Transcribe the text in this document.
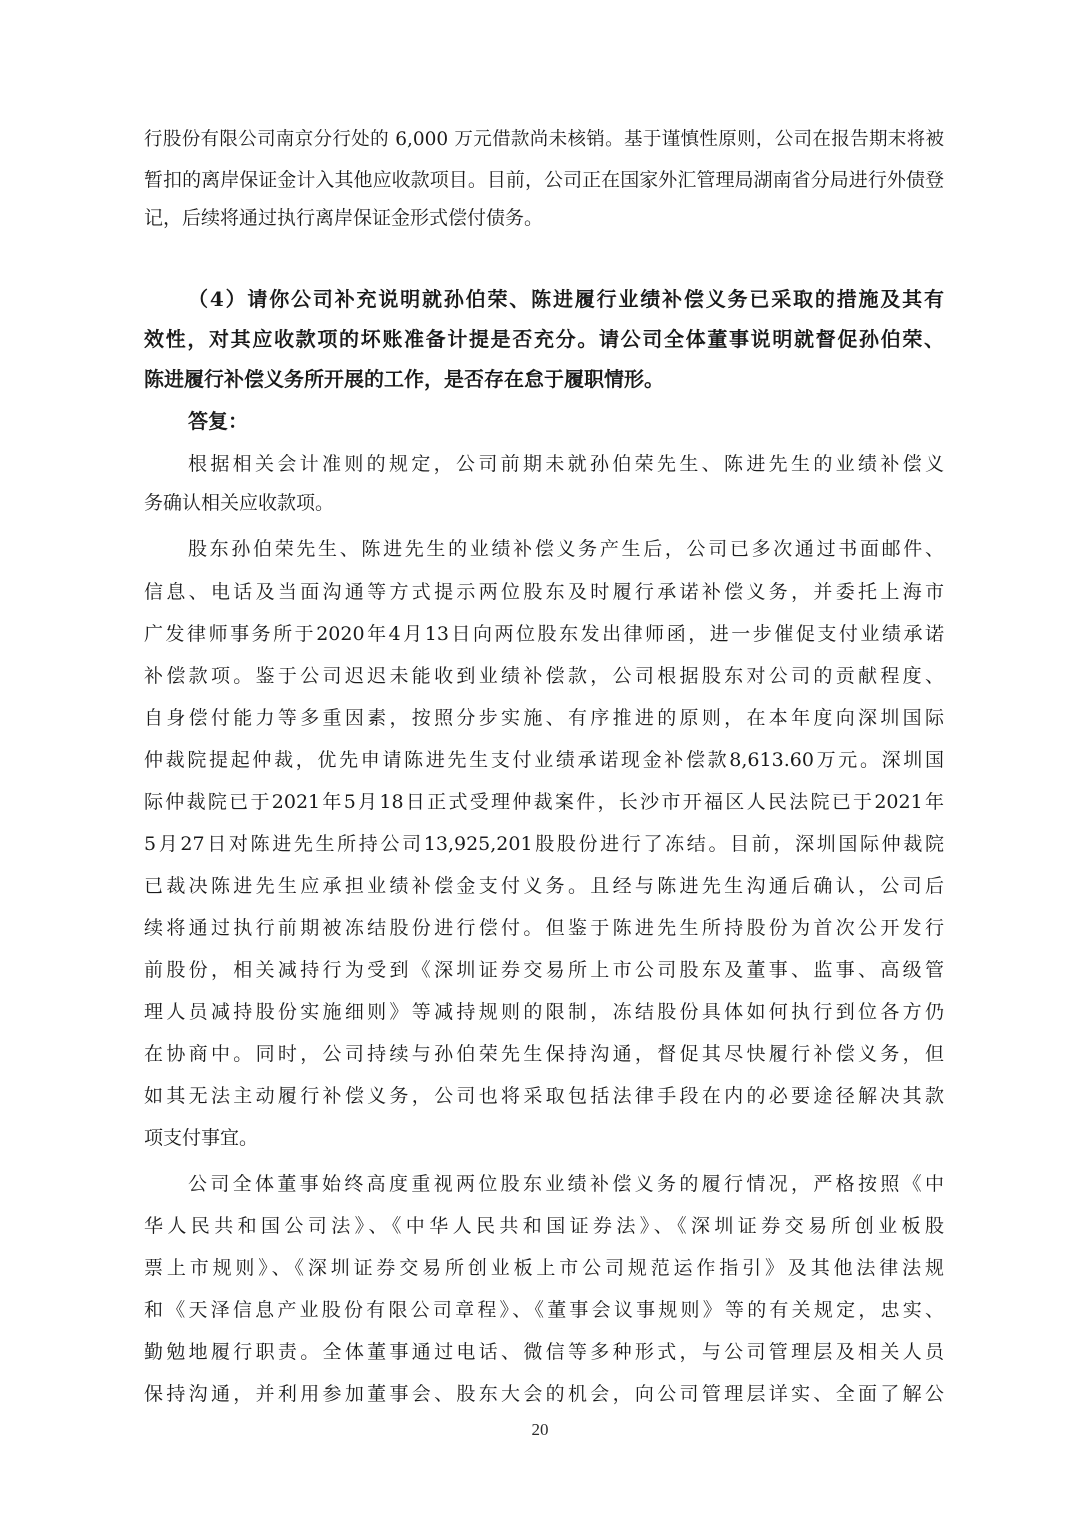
行股份有限公司南京分行处的 6,000 万元借款尚未核销。基于谨慎性原则，公司在报告期末将被
暂扣的离岸保证金计入其他应收款项目。目前，公司正在国家外汇管理局湖南省分局进行外债登
记，后续将通过执行离岸保证金形式偿付债务。
（4）请你公司补充说明就孙伯荣、陈进履行业绩补偿义务已采取的措施及其有
效性，对其应收款项的坏账准备计提是否充分。请公司全体董事说明就督促孙伯荣、
陈进履行补偿义务所开展的工作，是否存在怠于履职情形。
答复：
根据相关会计准则的规定，公司前期未就孙伯荣先生、陈进先生的业绩补偿义
务确认相关应收款项。
股东孙伯荣先生、陈进先生的业绩补偿义务产生后，公司已多次通过书面邮件、
信息、电话及当面沟通等方式提示两位股东及时履行承诺补偿义务，并委托上海市
广发律师事务所于2020年4月13日向两位股东发出律师函，进一步催促支付业绩承诺
补偿款项。鉴于公司迟迟未能收到业绩补偿款，公司根据股东对公司的贡献程度、
自身偿付能力等多重因素，按照分步实施、有序推进的原则，在本年度向深圳国际
仲裁院提起仲裁，优先申请陈进先生支付业绩承诺现金补偿款8,613.60万元。深圳国
际仲裁院已于2021年5月18日正式受理仲裁案件，长沙市开福区人民法院已于2021年
5月27日对陈进先生所持公司13,925,201股股份进行了冻结。目前，深圳国际仲裁院
已裁决陈进先生应承担业绩补偿金支付义务。且经与陈进先生沟通后确认，公司后
续将通过执行前期被冻结股份进行偿付。但鉴于陈进先生所持股份为首次公开发行
前股份，相关减持行为受到《深圳证券交易所上市公司股东及董事、监事、高级管
理人员减持股份实施细则》等减持规则的限制，冻结股份具体如何执行到位各方仍
在协商中。同时，公司持续与孙伯荣先生保持沟通，督促其尽快履行补偿义务，但
如其无法主动履行补偿义务，公司也将采取包括法律手段在内的必要途径解决其款
项支付事宜。
公司全体董事始终高度重视两位股东业绩补偿义务的履行情况，严格按照《中
华人民共和国公司法》、《中华人民共和国证券法》、《深圳证券交易所创业板股
票上市规则》、《深圳证券交易所创业板上市公司规范运作指引》及其他法律法规
和《天泽信息产业股份有限公司章程》、《董事会议事规则》等的有关规定，忠实、
勤勉地履行职责。全体董事通过电话、微信等多种形式，与公司管理层及相关人员
保持沟通，并利用参加董事会、股东大会的机会，向公司管理层详实、全面了解公
20
